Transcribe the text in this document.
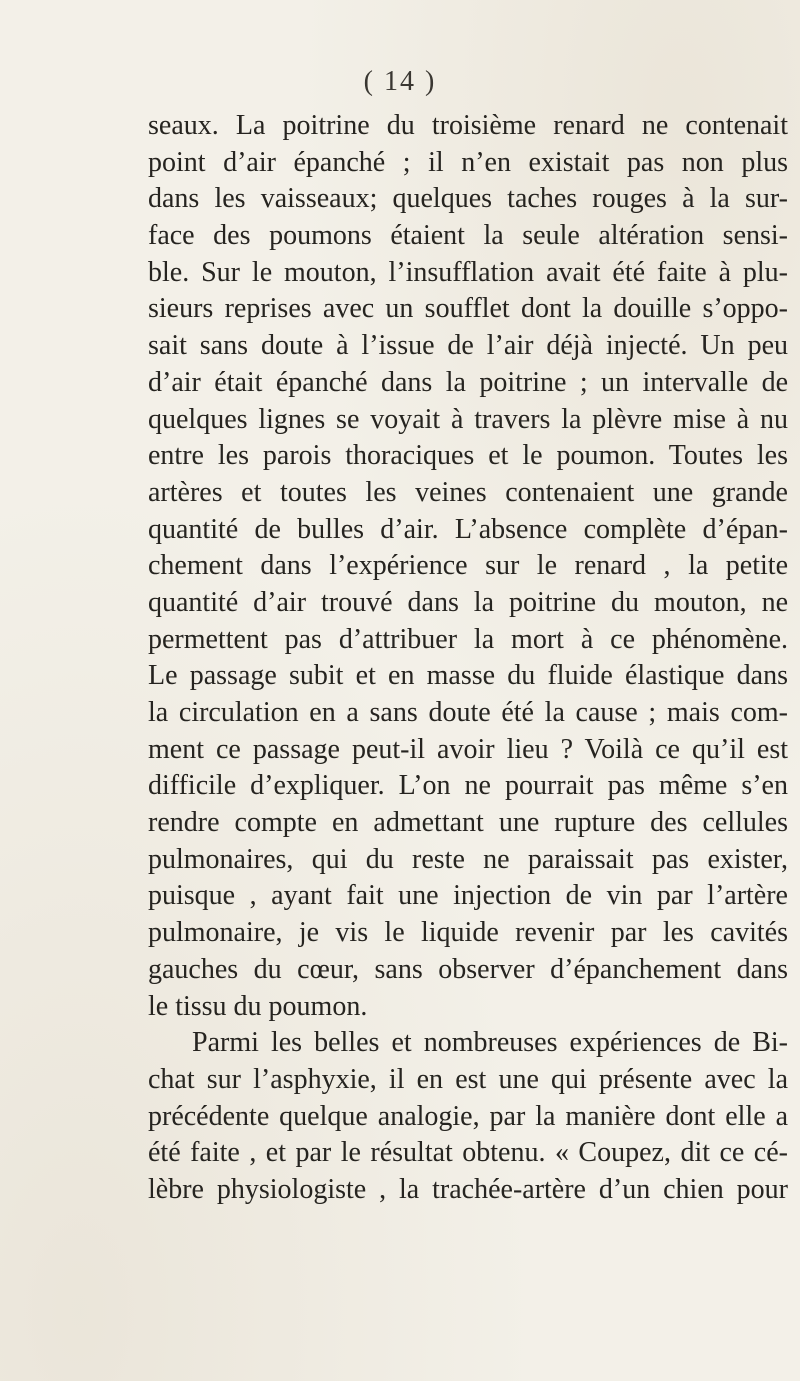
( 14 )
seaux. La poitrine du troisième renard ne contenait
point d’air épanché ; il n’en existait pas non plus
dans les vaisseaux; quelques taches rouges à la sur-
face des poumons étaient la seule altération sensi-
ble. Sur le mouton, l’insufflation avait été faite à plu-
sieurs reprises avec un soufflet dont la douille s’oppo-
sait sans doute à l’issue de l’air déjà injecté. Un peu
d’air était épanché dans la poitrine ; un intervalle de
quelques lignes se voyait à travers la plèvre mise à nu
entre les parois thoraciques et le poumon. Toutes les
artères et toutes les veines contenaient une grande
quantité de bulles d’air. L’absence complète d’épan-
chement dans l’expérience sur le renard , la petite
quantité d’air trouvé dans la poitrine du mouton, ne
permettent pas d’attribuer la mort à ce phénomène.
Le passage subit et en masse du fluide élastique dans
la circulation en a sans doute été la cause ; mais com-
ment ce passage peut-il avoir lieu ? Voilà ce qu’il est
difficile d’expliquer. L’on ne pourrait pas même s’en
rendre compte en admettant une rupture des cellules
pulmonaires, qui du reste ne paraissait pas exister,
puisque , ayant fait une injection de vin par l’artère
pulmonaire, je vis le liquide revenir par les cavités
gauches du cœur, sans observer d’épanchement dans
le tissu du poumon.
Parmi les belles et nombreuses expériences de Bi-
chat sur l’asphyxie, il en est une qui présente avec la
précédente quelque analogie, par la manière dont elle a
été faite , et par le résultat obtenu. « Coupez, dit ce cé-
lèbre physiologiste , la trachée-artère d’un chien pour
